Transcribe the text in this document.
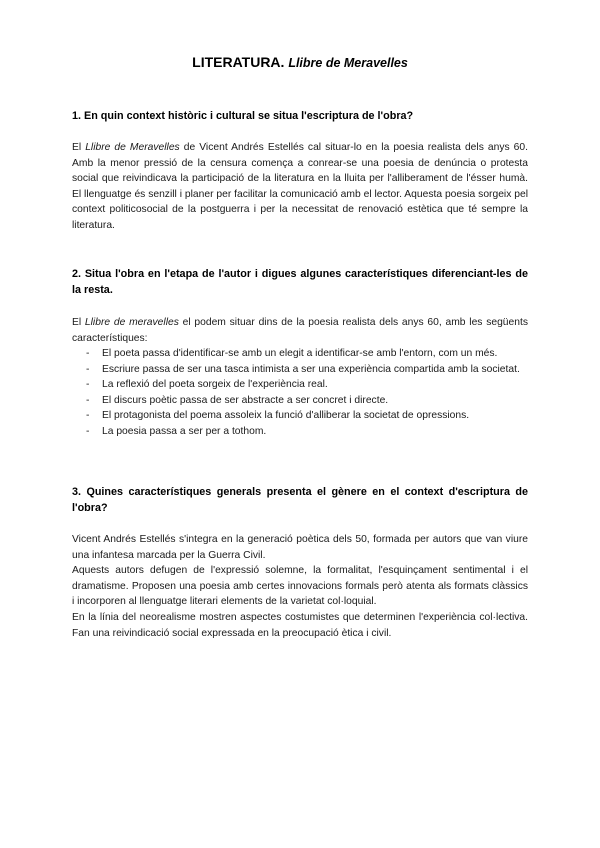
LITERATURA. Llibre de Meravelles
1. En quin context històric i cultural se situa l'escriptura de l'obra?

El Llibre de Meravelles de Vicent Andrés Estellés cal situar-lo en la poesia realista dels anys 60. Amb la menor pressió de la censura comença a conrear-se una poesia de denúncia o protesta social que reivindicava la participació de la literatura en la lluita per l'alliberament de l'ésser humà. El llenguatge és senzill i planer per facilitar la comunicació amb el lector. Aquesta poesia sorgeix pel context politicosocial de la postguerra i per la necessitat de renovació estètica que té sempre la literatura.

2. Situa l'obra en l'etapa de l'autor i digues algunes característiques diferenciant-les de la resta.

El Llibre de meravelles el podem situar dins de la poesia realista dels anys 60, amb les següents característiques:

- El poeta passa d'identificar-se amb un elegit a identificar-se amb l'entorn, com un més.
- Escriure passa de ser una tasca intimista a ser una experiència compartida amb la societat.
- La reflexió del poeta sorgeix de l'experiència real.
- El discurs poètic passa de ser abstracte a ser concret i directe.
- El protagonista del poema assoleix la funció d'alliberar la societat de opressions.
- La poesia passa a ser per a tothom.
3. Quines característiques generals presenta el gènere en el context d'escriptura de l'obra?

Vicent Andrés Estellés s'integra en la generació poètica dels 50, formada per autors que van viure una infantesa marcada per la Guerra Civil.

Aquests autors defugen de l'expressió solemne, la formalitat, l'esquinçament sentimental i el dramatisme. Proposen una poesia amb certes innovacions formals però atenta als formats clàssics i incorporen al llenguatge literari elements de la varietat col·loquial.

En la línia del neorealisme mostren aspectes costumistes que determinen l'experiència col·lectiva. Fan una reivindicació social expressada en la preocupació ètica i civil.
